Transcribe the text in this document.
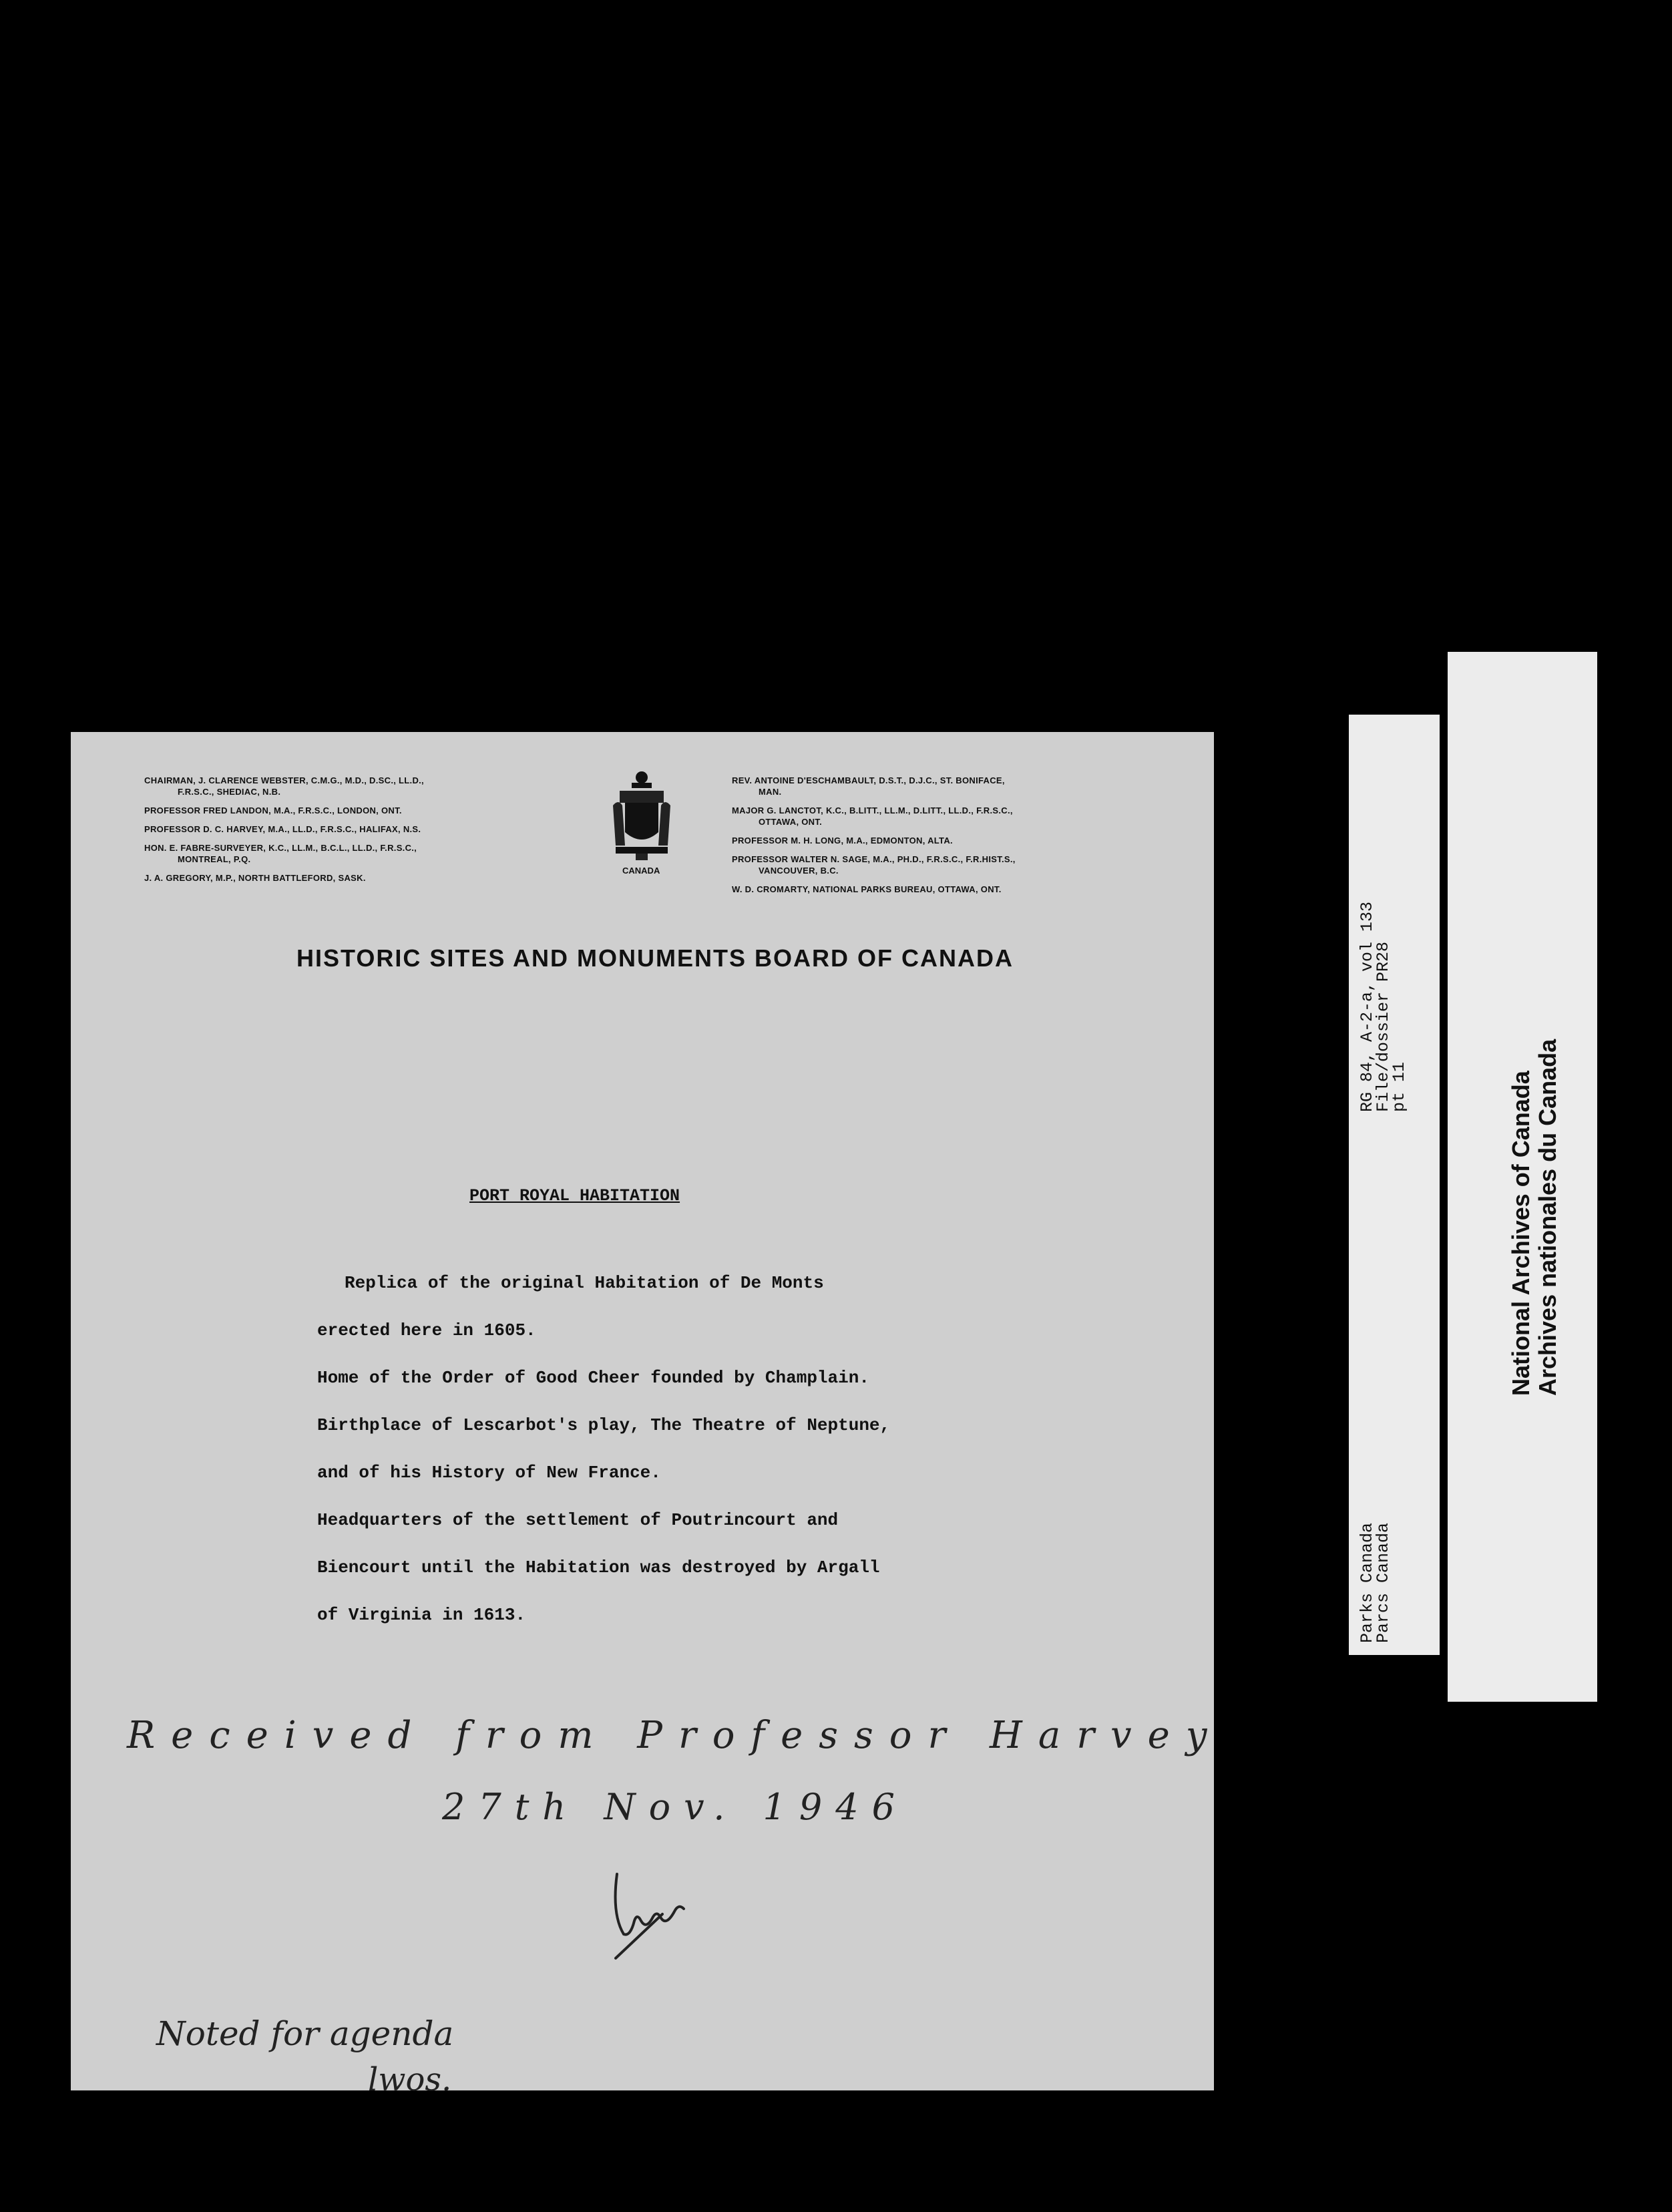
CHAIRMAN, J. CLARENCE WEBSTER, C.M.G., M.D., D.SC., LL.D.,
F.R.S.C., SHEDIAC, N.B.
PROFESSOR FRED LANDON, M.A., F.R.S.C., LONDON, ONT.
PROFESSOR D. C. HARVEY, M.A., LL.D., F.R.S.C., HALIFAX, N.S.
HON. E. FABRE-SURVEYER, K.C., LL.M., B.C.L., LL.D., F.R.S.C.,
MONTREAL, P.Q.
J. A. GREGORY, M.P., NORTH BATTLEFORD, SASK.
CANADA
REV. ANTOINE D'ESCHAMBAULT, D.S.T., D.J.C., ST. BONIFACE,
MAN.
MAJOR G. LANCTOT, K.C., B.LITT., LL.M., D.LITT., LL.D., F.R.S.C.,
OTTAWA, ONT.
PROFESSOR M. H. LONG, M.A., EDMONTON, ALTA.
PROFESSOR WALTER N. SAGE, M.A., PH.D., F.R.S.C., F.R.HIST.S.,
VANCOUVER, B.C.
W. D. CROMARTY, NATIONAL PARKS BUREAU, OTTAWA, ONT.
HISTORIC SITES AND MONUMENTS BOARD OF CANADA
PORT ROYAL HABITATION
Replica of the original Habitation of De Monts
erected here in 1605.
Home of the Order of Good Cheer founded by Champlain.
Birthplace of Lescarbot's play, The Theatre of Neptune,
and of his History of New France.
Headquarters of the settlement of Poutrincourt and
Biencourt until the Habitation was destroyed by Argall
of Virginia in 1613.
Received from Professor Harvey
27th Nov. 1946
Noted for agenda
lwos.
RG 84, A-2-a, vol 133
File/dossier PR28
pt 11
Parks Canada
Parcs Canada
National Archives of Canada Archives nationales du Canada
